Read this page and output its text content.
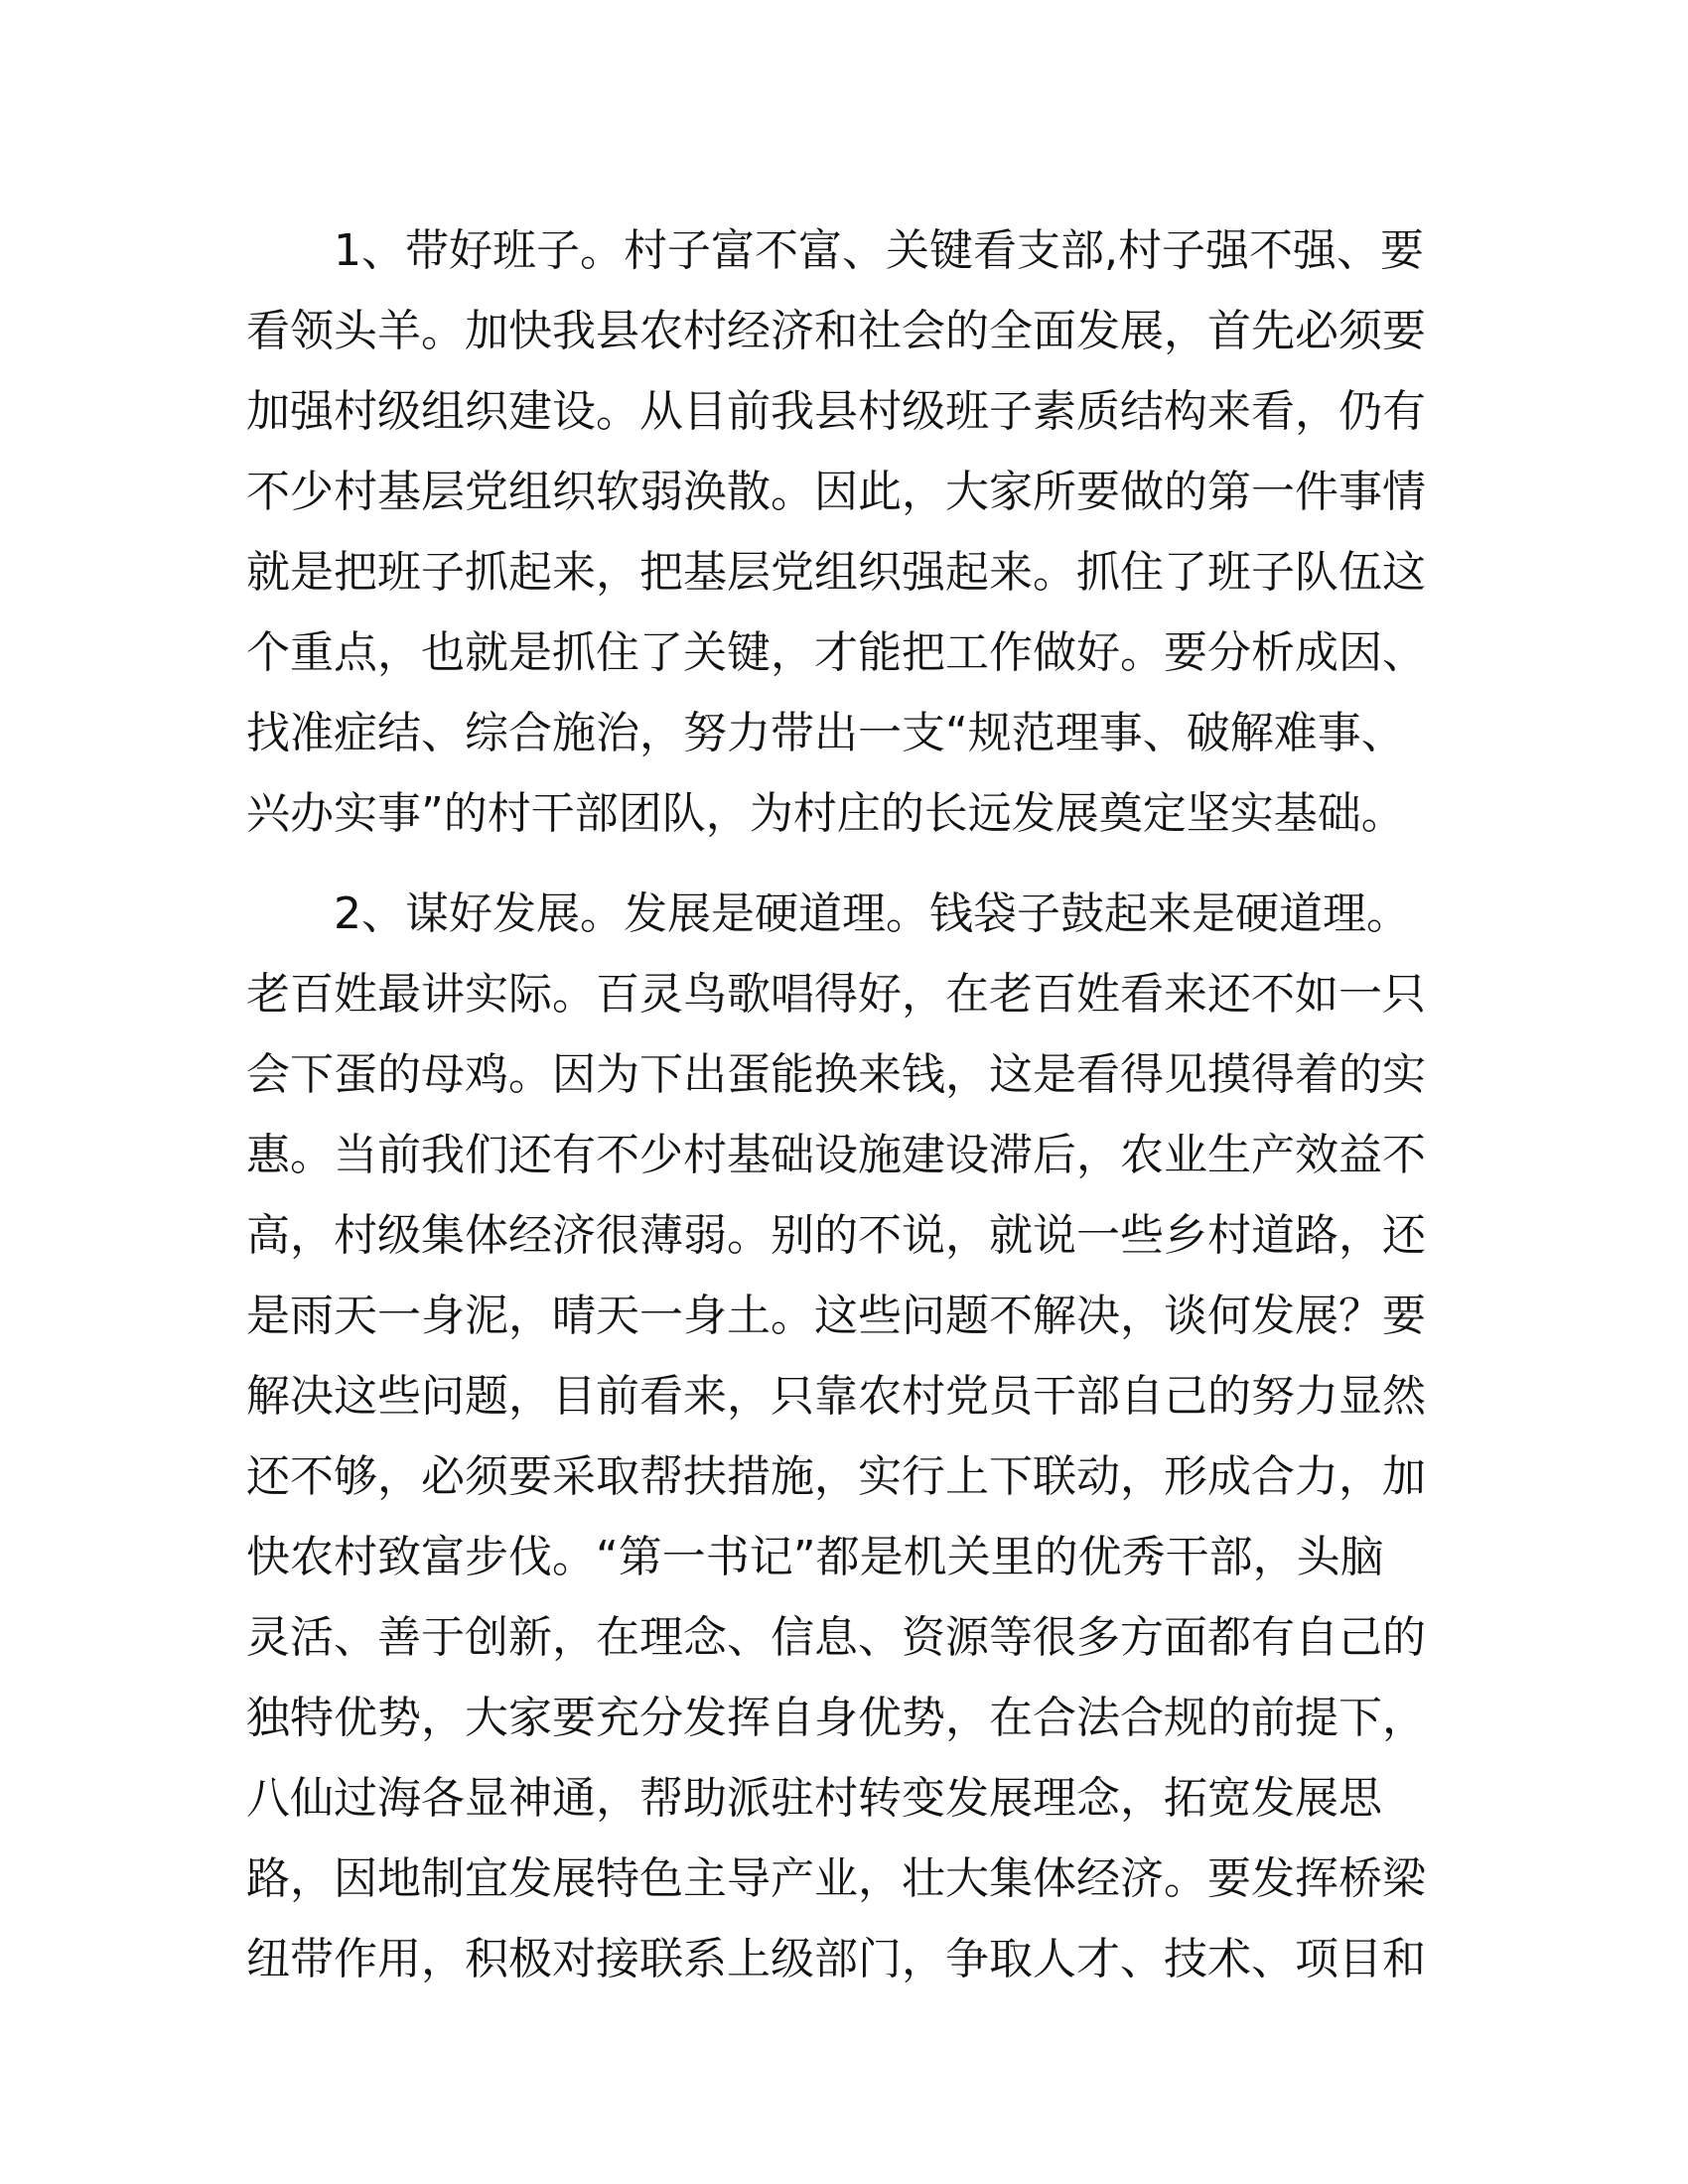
1、带好班子。村子富不富、关键看支部,村子强不强、要
看领头羊。加快我县农村经济和社会的全面发展，首先必须要
加强村级组织建设。从目前我县村级班子素质结构来看，仍有
不少村基层党组织软弱涣散。因此，大家所要做的第一件事情
就是把班子抓起来，把基层党组织强起来。抓住了班子队伍这
个重点，也就是抓住了关键，才能把工作做好。要分析成因、
找准症结、综合施治，努力带出一支“规范理事、破解难事、
兴办实事”的村干部团队，为村庄的长远发展奠定坚实基础。

2、谋好发展。发展是硬道理。钱袋子鼓起来是硬道理。
老百姓最讲实际。百灵鸟歌唱得好，在老百姓看来还不如一只
会下蛋的母鸡。因为下出蛋能换来钱，这是看得见摸得着的实
惠。当前我们还有不少村基础设施建设滞后，农业生产效益不
高，村级集体经济很薄弱。别的不说，就说一些乡村道路，还
是雨天一身泥，晴天一身土。这些问题不解决，谈何发展？要
解决这些问题，目前看来，只靠农村党员干部自己的努力显然
还不够，必须要采取帮扶措施，实行上下联动，形成合力，加
快农村致富步伐。“第一书记”都是机关里的优秀干部，头脑
灵活、善于创新，在理念、信息、资源等很多方面都有自己的
独特优势，大家要充分发挥自身优势，在合法合规的前提下，
八仙过海各显神通，帮助派驻村转变发展理念，拓宽发展思
路，因地制宜发展特色主导产业，壮大集体经济。要发挥桥梁
纽带作用，积极对接联系上级部门，争取人才、技术、项目和
